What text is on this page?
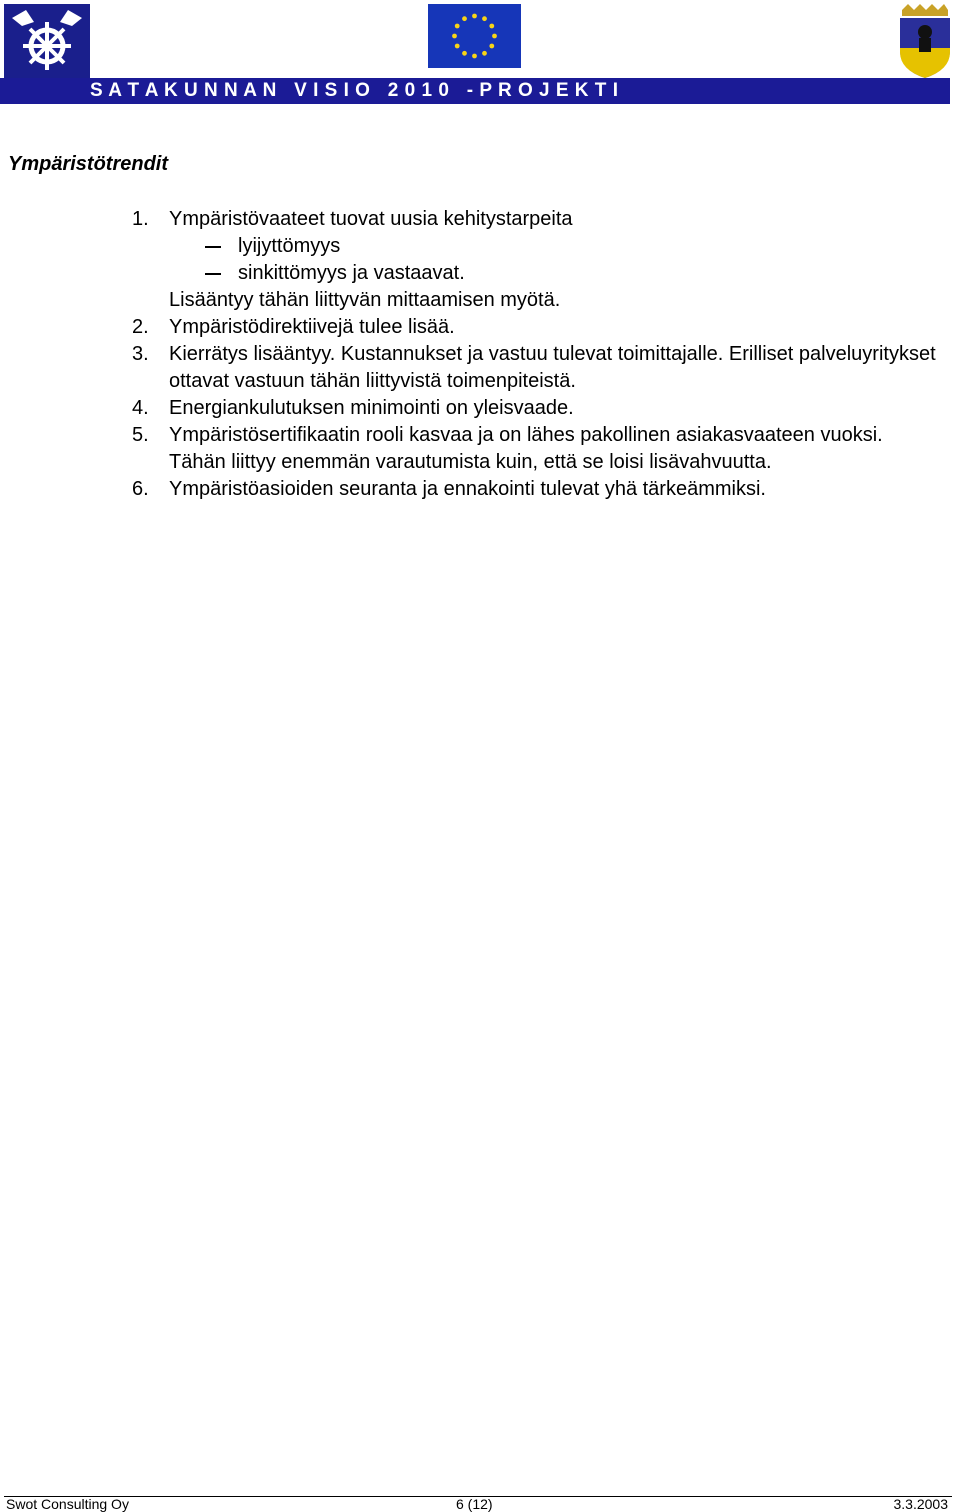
S A T A K U N N A N   V I S I O   2 0 1 0   - P R O J E K T I
Ympäristötrendit
1. Ympäristövaateet tuovat uusia kehitystarpeita
lyijyttömyys
sinkittömyys ja vastaavat.
Lisääntyy tähän liittyvän mittaamisen myötä.
2. Ympäristödirektiivejä tulee lisää.
3. Kierrätys lisääntyy. Kustannukset ja vastuu tulevat toimittajalle. Erilliset palveluyritykset ottavat vastuun tähän liittyvistä toimenpiteistä.
4. Energiankulutuksen minimointi on yleisvaade.
5. Ympäristösertifikaatin rooli kasvaa ja on lähes pakollinen asiakasvaateen vuoksi. Tähän liittyy enemmän varautumista kuin, että se loisi lisävahvuutta.
6. Ympäristöasioiden seuranta ja ennakointi tulevat yhä tärkeämmiksi.
Swot Consulting Oy	6 (12)	3.3.2003
